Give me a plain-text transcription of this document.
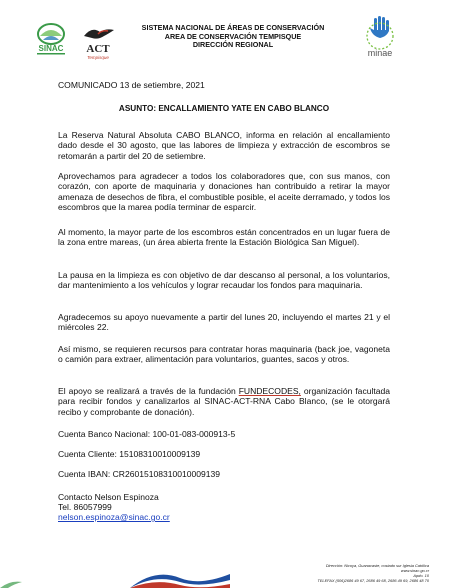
SINAC ACT
Tempisque
SISTEMA NACIONAL DE ÁREAS DE CONSERVACIÓN
AREA DE CONSERVACIÓN TEMPISQUE
DIRECCIÓN REGIONAL
minae
COMUNICADO 13 de setiembre, 2021
ASUNTO: ENCALLAMIENTO YATE EN CABO BLANCO

La Reserva Natural Absoluta CABO BLANCO, informa en relación al encallamiento dado desde el 30 agosto, que las labores de limpieza y extracción de escombros se retomarán a partir del 20 de setiembre.

Aprovechamos para agradecer a todos los colaboradores que, con sus manos, con corazón, con aporte de maquinaria y donaciones han contribuido a retirar la mayor amenaza de desechos de fibra, el combustible posible, el aceite derramado, y todos los escombros que la marea podía terminar de esparcir.

Al momento, la mayor parte de los escombros están concentrados en un lugar fuera de la zona entre mareas, (un área abierta frente la Estación Biológica San Miguel).

La pausa en la limpieza es con objetivo de dar descanso al personal, a los voluntarios, dar mantenimiento a los vehículos y lograr recaudar los fondos para maquinaria.

Agradecemos su apoyo nuevamente a partir del lunes 20, incluyendo el martes 21 y el miércoles 22.

Así mismo, se requieren recursos para contratar horas maquinaria (back joe, vagoneta o camión para extraer, alimentación para voluntarios, guantes, sacos y otros.

El apoyo se realizará a través de la fundación FUNDECODES, organización facultada para recibir fondos y canalizarlos al SINAC-ACT-RNA Cabo Blanco, (se le otorgará recibo y comprobante de donación).

Cuenta Banco Nacional: 100-01-083-000913-5
Cuenta Cliente: 15108310010009139
Cuenta IBAN: CR26015108310010009139
Contacto Nelson Espinoza
Tel. 86057999
nelson.espinoza@sinac.go.cr
Dirección: Nicoya, Guanacaste, costado sur Iglesia Católica
www.sinac.go.cr
Apdo. 10
TELEFAX (506)2686 49 67, 2686 49 68, 2686 49 69, 2686 48 70
